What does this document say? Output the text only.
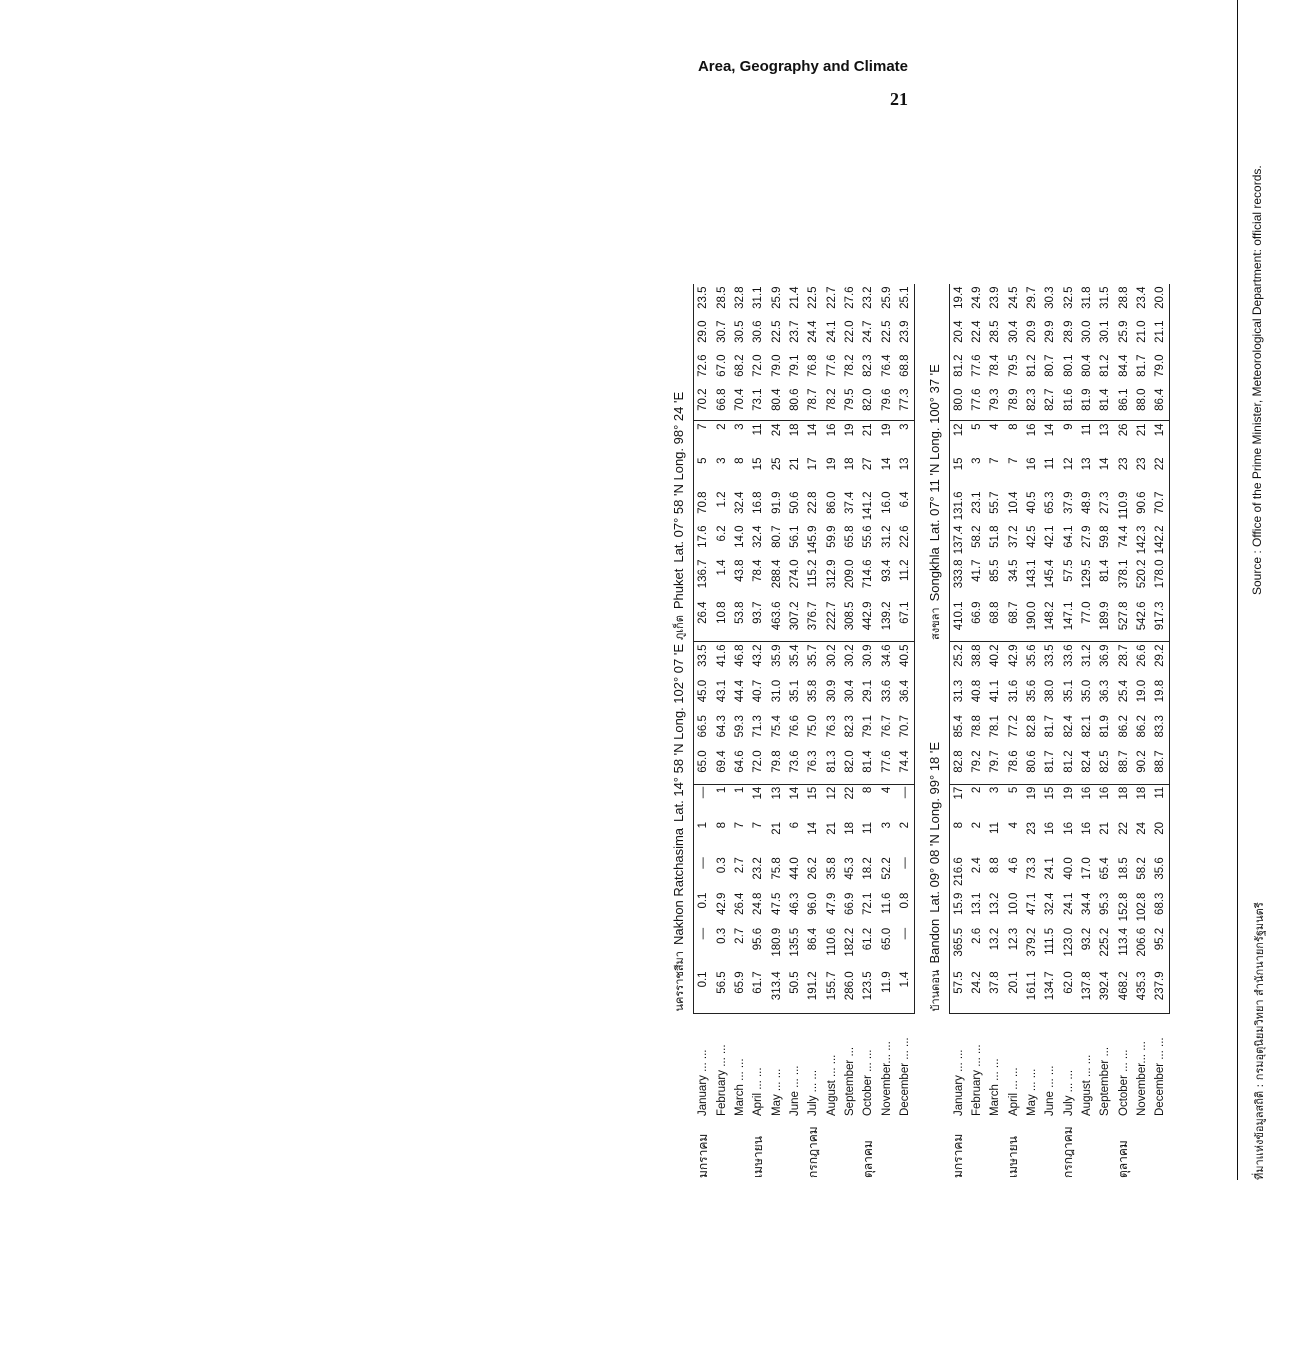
Area, Geography and Climate
21
		นครราชสีมาNakhon RatchasimaLat. 14° 58 'N Long. 102° 07 'E										ภูเก็ตPhuketLat. 07° 58 'N Long. 98° 24 'E									
มกราคม	January ... ...	0.1	—	0.1	—	1	—	65.0	66.5	45.0	33.5	26.4	136.7	17.6	70.8	5	7	70.2	72.6	29.0	23.5
	February ... ...	56.5	0.3	42.9	0.3	8	1	69.4	64.3	43.1	41.6	10.8	1.4	6.2	1.2	3	2	66.8	67.0	30.7	28.5
	March ... ...	65.9	2.7	26.4	2.7	7	1	64.6	59.3	44.4	46.8	53.8	43.8	14.0	32.4	8	3	70.4	68.2	30.5	32.8
เมษายน	April ... ...	61.7	95.6	24.8	23.2	7	14	72.0	71.3	40.7	43.2	93.7	78.4	32.4	16.8	15	11	73.1	72.0	30.6	31.1
	May ... ...	313.4	180.9	47.5	75.8	21	13	79.8	75.4	31.0	35.9	463.6	288.4	80.7	91.9	25	24	80.4	79.0	22.5	25.9
	June ... ...	50.5	135.5	46.3	44.0	6	14	73.6	76.6	35.1	35.4	307.2	274.0	56.1	50.6	21	18	80.6	79.1	23.7	21.4
กรกฎาคม	July ... ...	191.2	86.4	96.0	26.2	14	15	76.3	75.0	35.8	35.7	376.7	115.2	145.9	22.8	17	14	78.7	76.8	24.4	22.5
	August ... ...	155.7	110.6	47.9	35.8	21	12	81.3	76.3	30.9	30.2	222.7	312.9	59.9	86.0	19	16	78.2	77.6	24.1	22.7
	September ...	286.0	182.2	66.9	45.3	18	22	82.0	82.3	30.4	30.2	308.5	209.0	65.8	37.4	18	19	79.5	78.2	22.0	27.6
ตุลาคม	October ... ...	123.5	61.2	72.1	18.2	11	8	81.4	79.1	29.1	30.9	442.9	714.6	55.6	141.2	27	21	82.0	82.3	24.7	23.2
	November... ...	11.9	65.0	11.6	52.2	3	4	77.6	76.7	33.6	34.6	139.2	93.4	31.2	16.0	14	19	79.6	76.4	22.5	25.9
	December ... ...	1.4	—	0.8	—	2	—	74.4	70.7	36.4	40.5	67.1	11.2	22.6	6.4	13	3	77.3	68.8	23.9	25.1

		บ้านดอนBandonLat. 09° 08 'N Long. 99° 18 'E										สงขลาSongkhlaLat. 07° 11 'N Long. 100° 37 'E									
มกราคม	January ... ...	57.5	365.5	15.9	216.6	8	17	82.8	85.4	31.3	25.2	410.1	333.8	137.4	131.6	15	12	80.0	81.2	20.4	19.4
	February ... ...	24.2	2.6	13.1	2.4	2	2	79.2	78.8	40.8	38.8	66.9	41.7	58.2	23.1	3	5	77.6	77.6	22.4	24.9
	March ... ...	37.8	13.2	13.2	8.8	11	3	79.7	78.1	41.1	40.2	68.8	85.5	51.8	55.7	7	4	79.3	78.4	28.5	23.9
เมษายน	April ... ...	20.1	12.3	10.0	4.6	4	5	78.6	77.2	31.6	42.9	68.7	34.5	37.2	10.4	7	8	78.9	79.5	30.4	24.5
	May ... ...	161.1	379.2	47.1	73.3	23	19	80.6	82.8	35.6	35.6	190.0	143.1	42.5	40.5	16	16	82.3	81.2	20.9	29.7
	June ... ...	134.7	111.5	32.4	24.1	16	15	81.7	81.7	38.0	33.5	148.2	145.4	42.1	65.3	11	14	82.7	80.7	29.9	30.3
กรกฎาคม	July ... ...	62.0	123.0	24.1	40.0	16	19	81.2	82.4	35.1	33.6	147.1	57.5	64.1	37.9	12	9	81.6	80.1	28.9	32.5
	August ... ...	137.8	93.2	34.4	17.0	16	16	82.4	82.1	35.0	31.2	77.0	129.5	27.9	48.9	13	11	81.9	80.4	30.0	31.8
	September ...	392.4	225.2	95.3	65.4	21	16	82.5	81.9	36.3	36.9	189.9	81.4	59.8	27.3	14	13	81.4	81.2	30.1	31.5
ตุลาคม	October ... ...	468.2	113.4	152.8	18.5	22	18	88.7	86.2	25.4	28.7	527.8	378.1	74.4	110.9	23	26	86.1	84.4	25.9	28.8
	November... ...	435.3	206.6	102.8	58.2	24	18	90.2	86.2	19.0	26.6	542.6	520.2	142.3	90.6	23	21	88.0	81.7	21.0	23.4
	December ... ...	237.9	95.2	68.3	35.6	20	11	88.7	83.3	19.8	29.2	917.3	178.0	142.2	70.7	22	14	86.4	79.0	21.1	20.0
ที่มาแห่งข้อมูลสถิติ : กรมอุตุนิยมวิทยา สำนักนายกรัฐมนตรี
Source : Office of the Prime Minister, Meteorological Department: official records.
